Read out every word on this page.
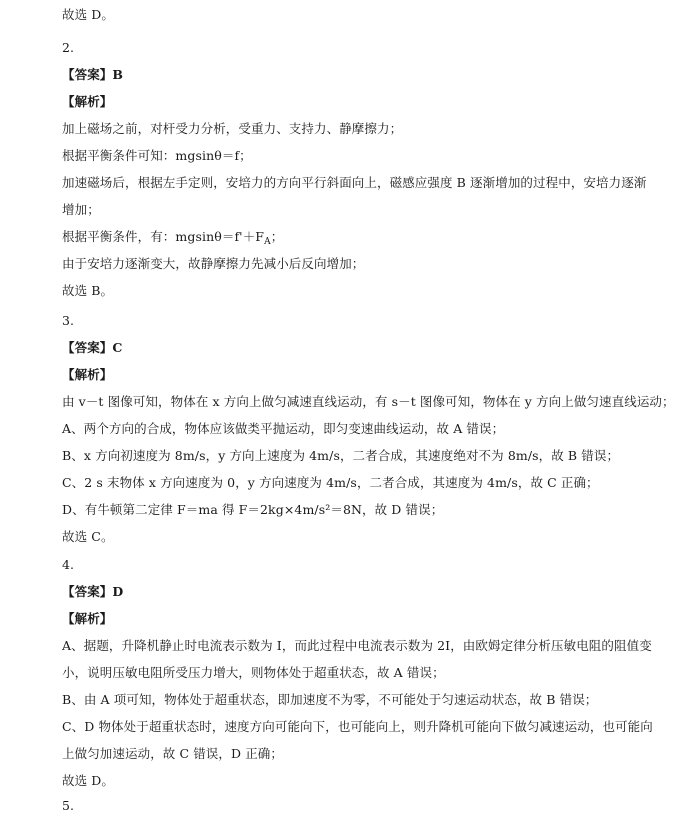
故选 D。
2.
【答案】B
【解析】
加上磁场之前，对杆受力分析，受重力、支持力、静摩擦力；
根据平衡条件可知：mgsinθ＝f；
加速磁场后，根据左手定则，安培力的方向平行斜面向上，磁感应强度 B 逐渐增加的过程中，安培力逐渐
增加；
根据平衡条件，有：$mgsin\theta=f'+F_A$；
由于安培力逐渐变大，故静摩擦力先减小后反向增加；
故选 B。
3.
【答案】C
【解析】
由 v－t 图像可知，物体在 x 方向上做匀减速直线运动，有 s－t 图像可知，物体在 y 方向上做匀速直线运动；
A、两个方向的合成，物体应该做类平抛运动，即匀变速曲线运动，故 A 错误；
B、x 方向初速度为 8m/s，y 方向上速度为 4m/s，二者合成，其速度绝对不为 8m/s，故 B 错误；
C、2 s 末物体 x 方向速度为 0，y 方向速度为 4m/s，二者合成，其速度为 4m/s，故 C 正确；
D、有牛顿第二定律 F＝ma 得 F＝2kg×4m/s²＝8N，故 D 错误；
故选 C。
4.
【答案】D
【解析】
A、据题，升降机静止时电流表示数为 I，而此过程中电流表示数为 2I，由欧姆定律分析压敏电阻的阻值变
小，说明压敏电阻所受压力增大，则物体处于超重状态，故 A 错误；
B、由 A 项可知，物体处于超重状态，即加速度不为零，不可能处于匀速运动状态，故 B 错误；
C、D 物体处于超重状态时，速度方向可能向下，也可能向上，则升降机可能向下做匀减速运动，也可能向
上做匀加速运动，故 C 错误，D 正确；
故选 D。
5.
